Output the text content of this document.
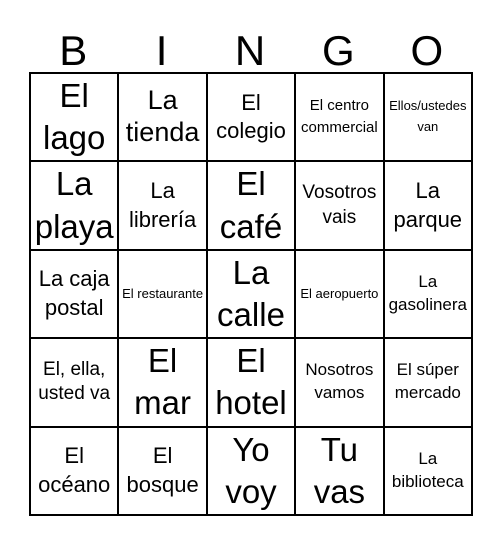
B	I	N	G	O
El lago
La tienda
El colegio
El centro commercial
Ellos/ustedes van
La playa
La librería
El café
Vosotros vais
La parque
La caja postal
El restaurante
La calle
El aeropuerto
La gasolinera
El, ella, usted va
El mar
El hotel
Nosotros vamos
El súper mercado
El océano
El bosque
Yo voy
Tu vas
La biblioteca
